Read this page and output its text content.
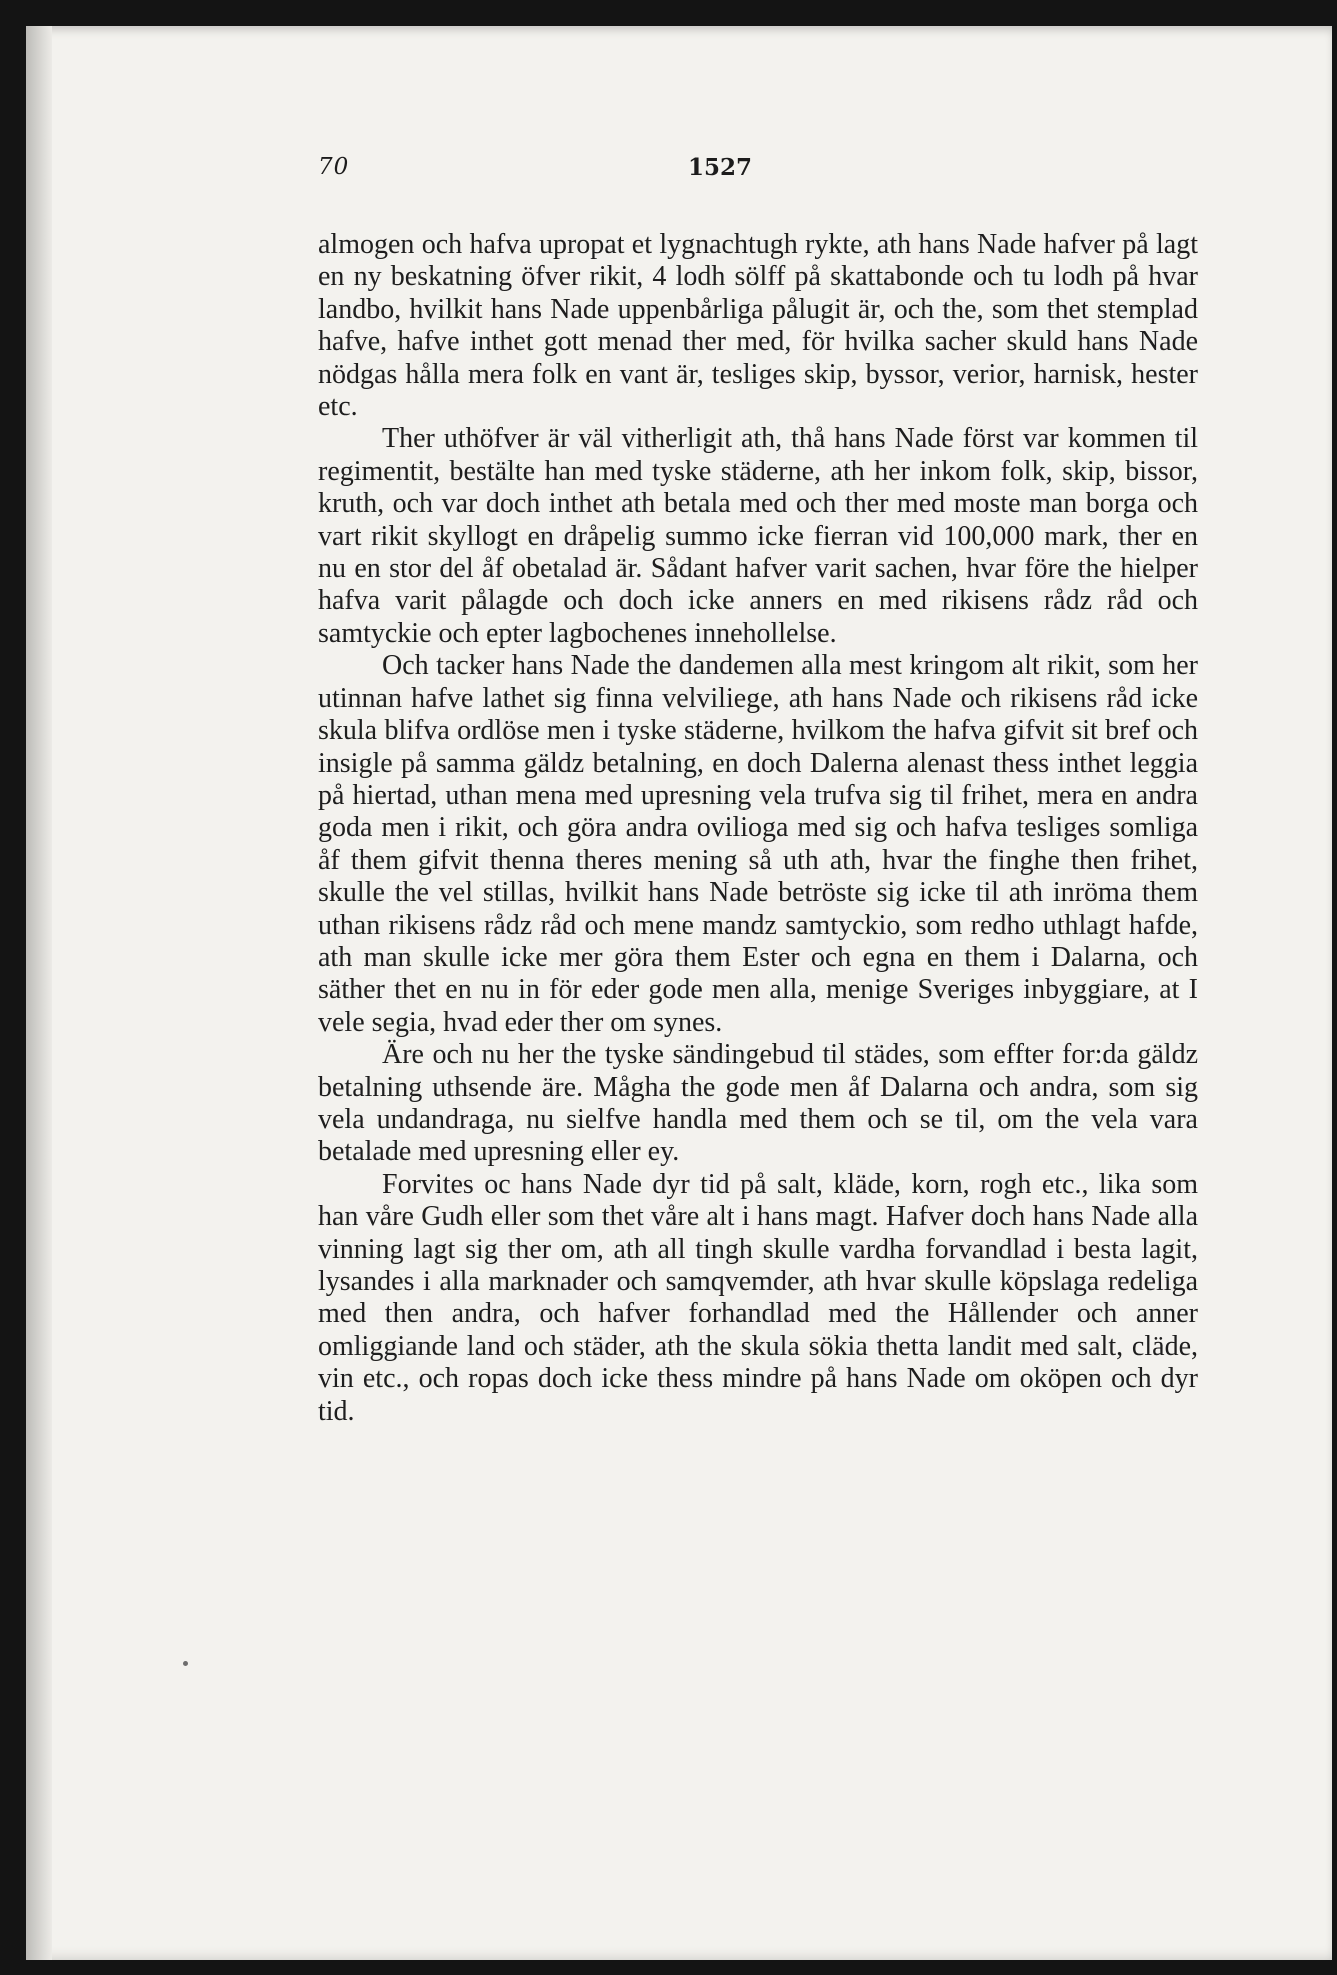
70	1527

almogen och hafva upropat et lygnachtugh rykte, ath hans Nade hafver på lagt en ny beskatning öfver rikit, 4 lodh sölff på skattabonde och tu lodh på hvar landbo, hvilkit hans Nade uppenbårliga pålugit är, och the, som thet stemplad hafve, hafve inthet gott menad ther med, för hvilka sacher skuld hans Nade nödgas hålla mera folk en vant är, tesliges skip, byssor, verior, harnisk, hester etc.

Ther uthöfver är väl vitherligit ath, thå hans Nade först var kommen til regimentit, bestälte han med tyske städerne, ath her inkom folk, skip, bissor, kruth, och var doch inthet ath betala med och ther med moste man borga och vart rikit skyllogt en dråpelig summo icke fierran vid 100,000 mark, ther en nu en stor del åf obetalad är. Sådant hafver varit sachen, hvar före the hielper hafva varit pålagde och doch icke anners en med rikisens rådz råd och samtyckie och epter lagbochenes innehollelse.

Och tacker hans Nade the dandemen alla mest kringom alt rikit, som her utinnan hafve lathet sig finna velviliege, ath hans Nade och rikisens råd icke skula blifva ordlöse men i tyske städerne, hvilkom the hafva gifvit sit bref och insigle på samma gäldz betalning, en doch Dalerna alenast thess inthet leggia på hiertad, uthan mena med upresning vela trufva sig til frihet, mera en andra goda men i rikit, och göra andra ovilioga med sig och hafva tesliges somliga åf them gifvit thenna theres mening så uth ath, hvar the finghe then frihet, skulle the vel stillas, hvilkit hans Nade betröste sig icke til ath inröma them uthan rikisens rådz råd och mene mandz samtyckio, som redho uthlagt hafde, ath man skulle icke mer göra them Ester och egna en them i Dalarna, och säther thet en nu in för eder gode men alla, menige Sveriges inbyggiare, at I vele segia, hvad eder ther om synes.

Äre och nu her the tyske sändingebud til städes, som effter for:da gäldz betalning uthsende äre. Mågha the gode men åf Dalarna och andra, som sig vela undandraga, nu sielfve handla med them och se til, om the vela vara betalade med upresning eller ey.

Forvites oc hans Nade dyr tid på salt, kläde, korn, rogh etc., lika som han våre Gudh eller som thet våre alt i hans magt. Hafver doch hans Nade alla vinning lagt sig ther om, ath all tingh skulle vardha forvandlad i besta lagit, lysandes i alla marknader och samqvemder, ath hvar skulle köpslaga redeliga med then andra, och hafver forhandlad med the Hållender och anner omliggiande land och städer, ath the skula sökia thetta landit med salt, cläde, vin etc., och ropas doch icke thess mindre på hans Nade om oköpen och dyr tid.
